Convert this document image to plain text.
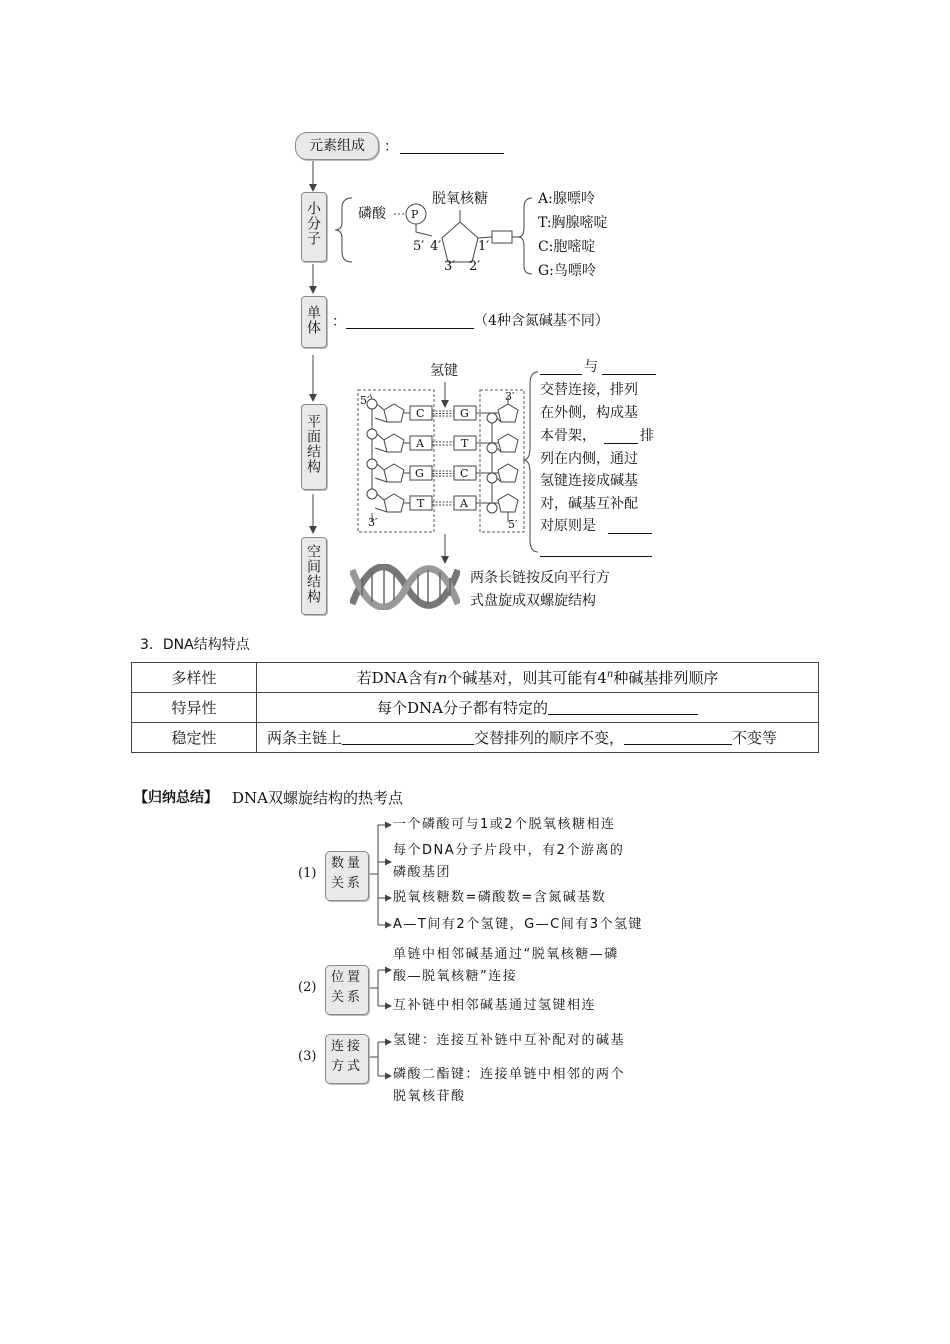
元素组成	：
小分子
单体
平面结构
空间结构
磷酸 P
脱氧核糖
5′ 4′	1′
3′ 2′
A:腺嘌呤
T:胸腺嘧啶
C:胞嘧啶
G:鸟嘌呤
：	（4种含氮碱基不同）
氢键
5′	3′
3′	5′
C
A
G
T
G
T
C
A
与
交替连接，排列
在外侧，构成基
本骨架，	排
列在内侧，通过
氢键连接成碱基
对，碱基互补配
对原则是
两条长链按反向平行方
式盘旋成双螺旋结构
3．DNA结构特点
多样性	若DNA含有n个碱基对，则其可能有4$^n$种碱基排列顺序
特异性	每个DNA分子都有特定的
稳定性	两条主链上 交替排列的顺序不变， 不变等
【归纳总结】 DNA双螺旋结构的热考点
(1)
数量
关系
一个磷酸可与1或2个脱氧核糖相连
每个DNA分子片段中，有2个游离的
磷酸基团
脱氧核糖数=磷酸数=含氮碱基数
A—T间有2个氢键，G—C间有3个氢键
(2)
位置
关系
单链中相邻碱基通过“脱氧核糖—磷
酸—脱氧核糖”连接
互补链中相邻碱基通过氢键相连
(3)
连接
方式
氢键：连接互补链中互补配对的碱基
磷酸二酯键：连接单链中相邻的两个
脱氧核苷酸
